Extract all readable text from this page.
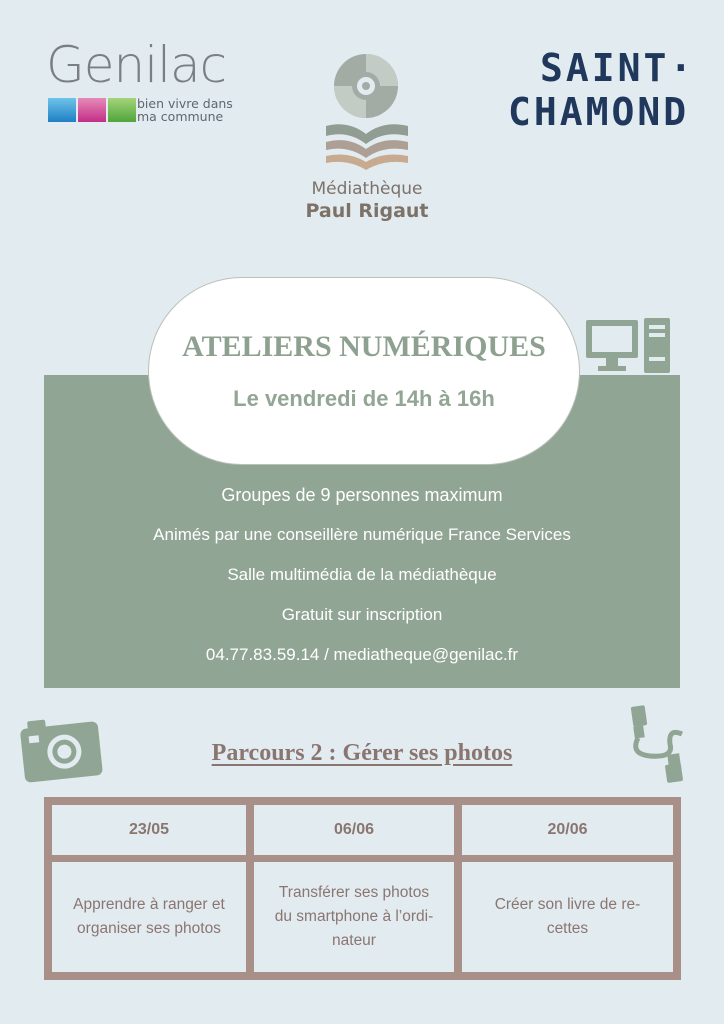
Genilac
bien vivre dans
ma commune
Médiathèque
Paul Rigaut
SAINT·
CHAMOND
Groupes de 9 personnes maximum
Animés par une conseillère numérique France Services
Salle multimédia de la médiathèque
Gratuit sur inscription
04.77.83.59.14 / mediatheque@genilac.fr
ATELIERS NUMÉRIQUES
Le vendredi de 14h à 16h
Parcours 2 : Gérer ses photos
23/05	06/06	20/06
Apprendre à ranger et
organiser ses photos
Transférer ses photos
du smartphone à l’ordi-
nateur
Créer son livre de re-
cettes
